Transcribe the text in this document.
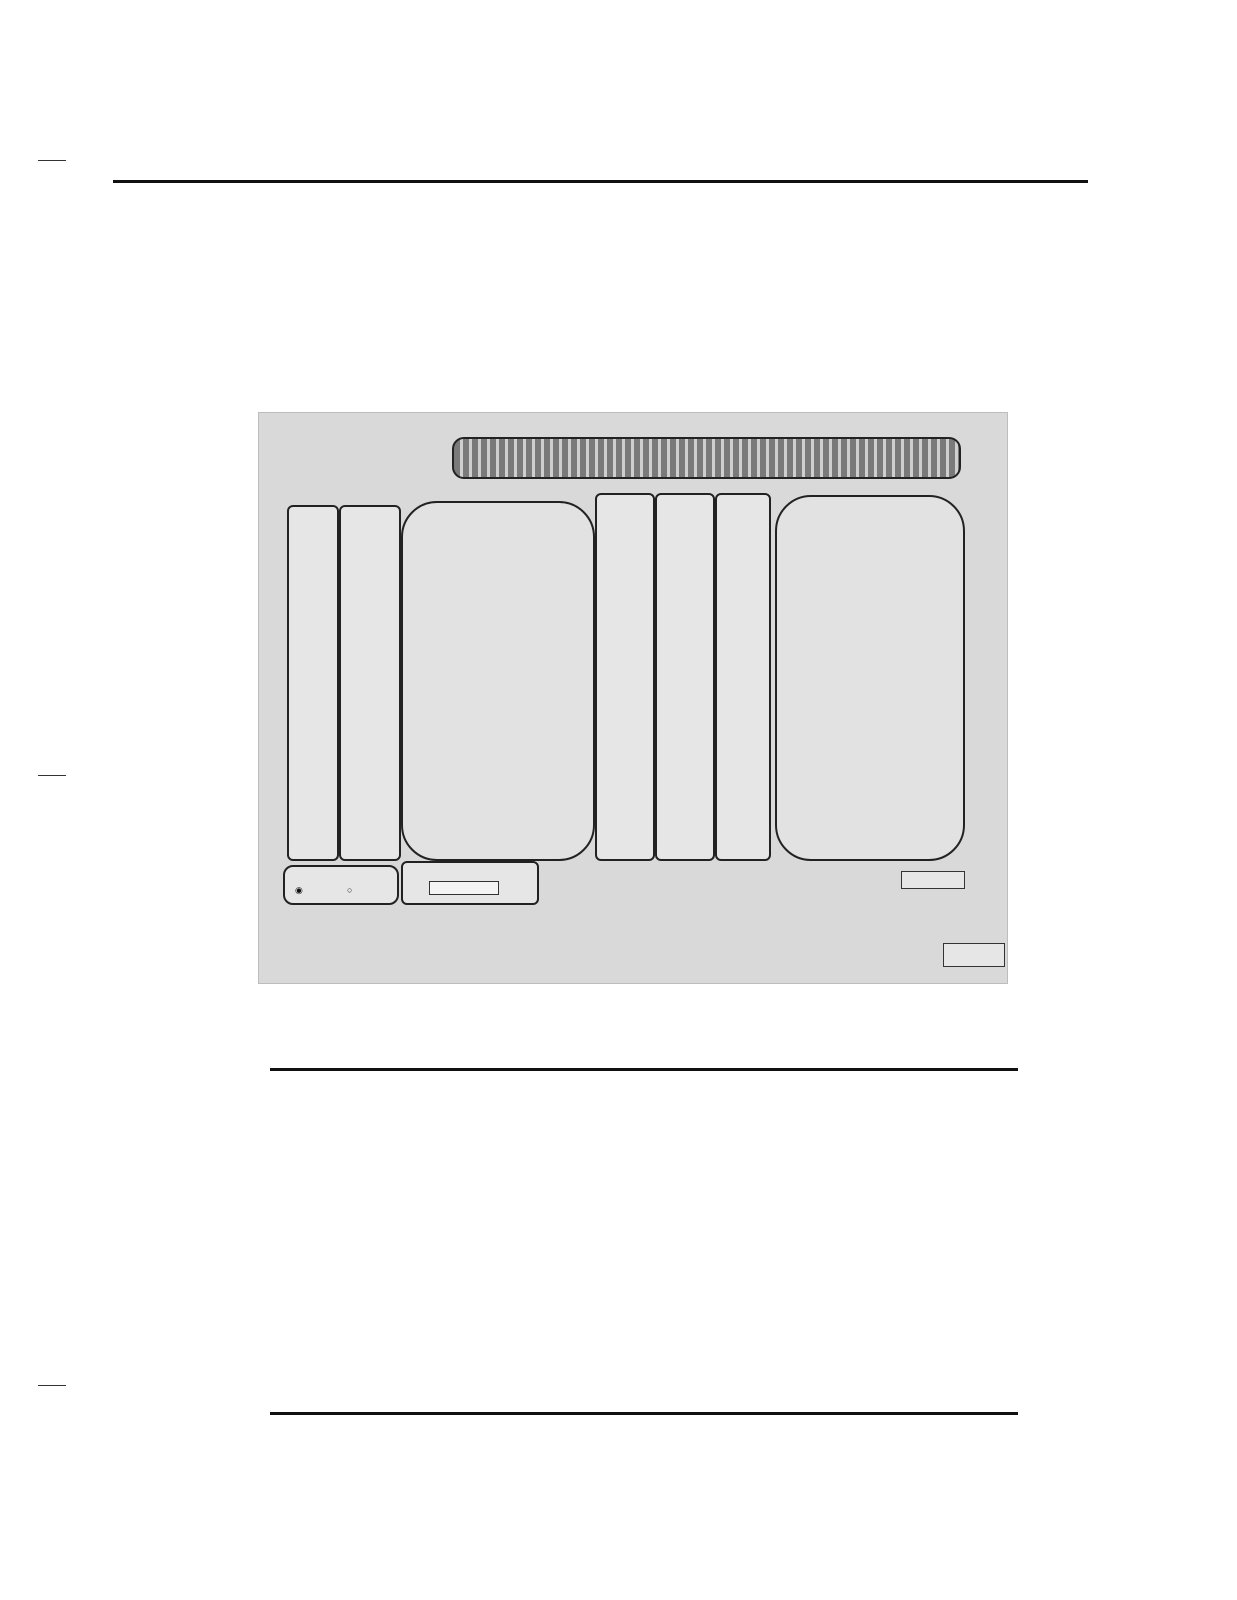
◉	○
